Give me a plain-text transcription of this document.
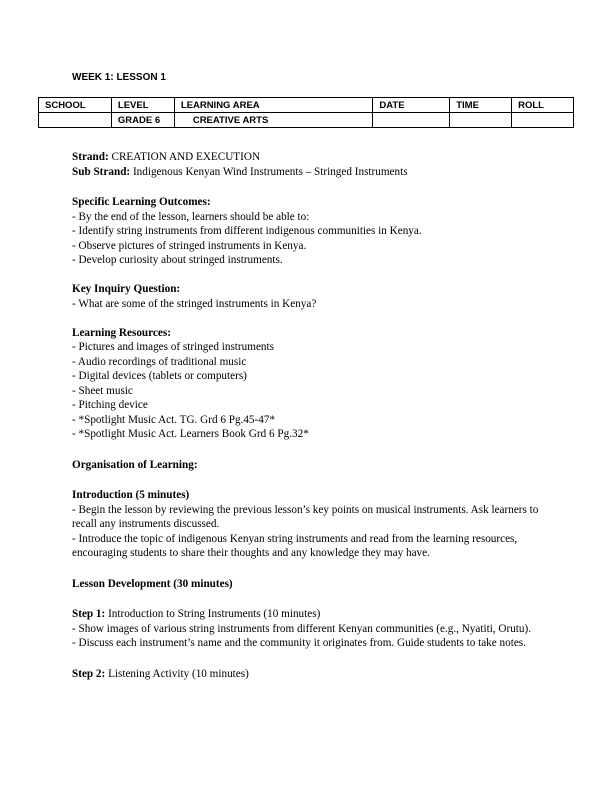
WEEK 1: LESSON 1
SCHOOL	LEVEL	LEARNING AREA	DATE	TIME	ROLL
	GRADE 6	CREATIVE ARTS			

Strand: CREATION AND EXECUTION

Sub Strand: Indigenous Kenyan Wind Instruments – Stringed Instruments

Specific Learning Outcomes:

- By the end of the lesson, learners should be able to:
- Identify string instruments from different indigenous communities in Kenya.
- Observe pictures of stringed instruments in Kenya.
- Develop curiosity about stringed instruments.

Key Inquiry Question:

- What are some of the stringed instruments in Kenya?

Learning Resources:

- Pictures and images of stringed instruments
- Audio recordings of traditional music
- Digital devices (tablets or computers)
- Sheet music
- Pitching device
- *Spotlight Music Act. TG. Grd 6 Pg.45-47*
- *Spotlight Music Act. Learners Book Grd 6 Pg.32*

Organisation of Learning:

Introduction (5 minutes)

- Begin the lesson by reviewing the previous lesson’s key points on musical instruments. Ask learners to recall any instruments discussed.
- Introduce the topic of indigenous Kenyan string instruments and read from the learning resources, encouraging students to share their thoughts and any knowledge they may have.

Lesson Development (30 minutes)

Step 1: Introduction to String Instruments (10 minutes)

- Show images of various string instruments from different Kenyan communities (e.g., Nyatiti, Orutu).
- Discuss each instrument’s name and the community it originates from. Guide students to take notes.

Step 2: Listening Activity (10 minutes)
